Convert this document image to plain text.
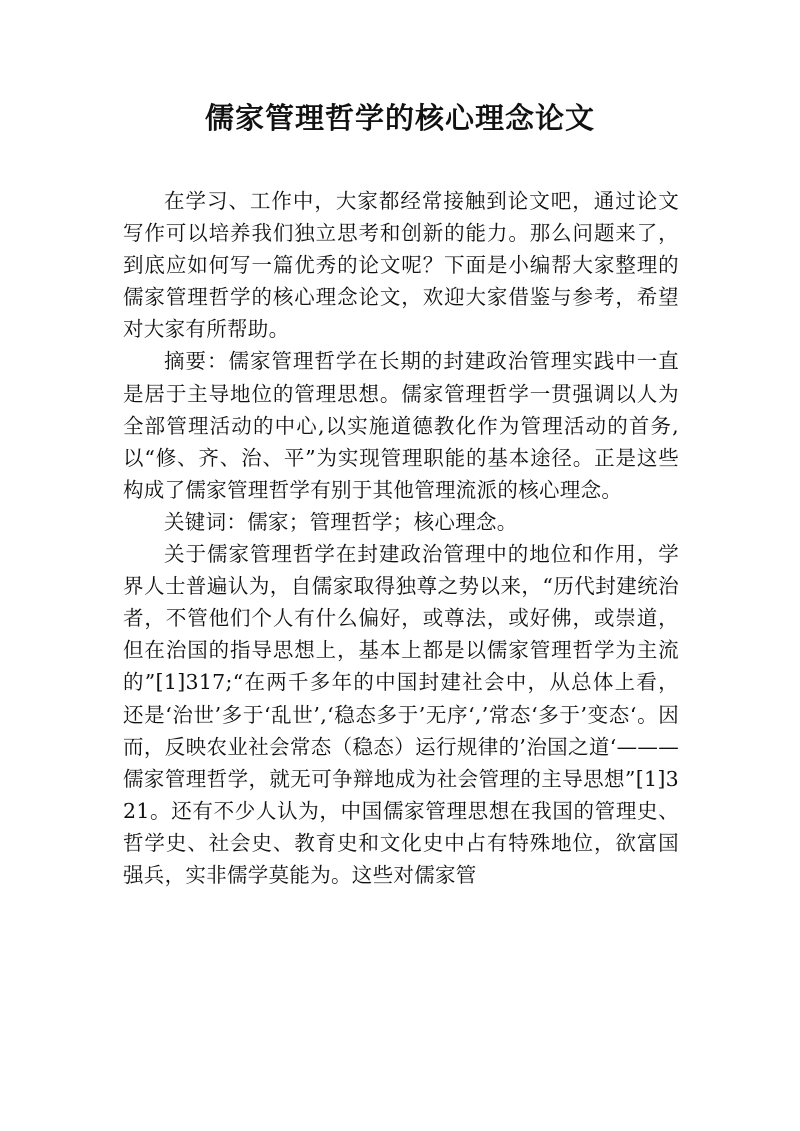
儒家管理哲学的核心理念论文

在学习、工作中，大家都经常接触到论文吧，通过论文写作可以培养我们独立思考和创新的能力。那么问题来了，到底应如何写一篇优秀的论文呢？下面是小编帮大家整理的儒家管理哲学的核心理念论文，欢迎大家借鉴与参考，希望对大家有所帮助。

摘要：儒家管理哲学在长期的封建政治管理实践中一直是居于主导地位的管理思想。儒家管理哲学一贯强调以人为全部管理活动的中心,以实施道德教化作为管理活动的首务,以“修、齐、治、平”为实现管理职能的基本途径。正是这些构成了儒家管理哲学有别于其他管理流派的核心理念。

关键词：儒家；管理哲学；核心理念。

关于儒家管理哲学在封建政治管理中的地位和作用，学界人士普遍认为，自儒家取得独尊之势以来，“历代封建统治者，不管他们个人有什么偏好，或尊法，或好佛，或崇道，但在治国的指导思想上，基本上都是以儒家管理哲学为主流的”[1]317;“在两千多年的中国封建社会中，从总体上看，还是‘治世’多于‘乱世’,‘稳态多于’无序‘,’常态‘多于’变态‘。因而，反映农业社会常态（稳态）运行规律的’治国之道‘———儒家管理哲学，就无可争辩地成为社会管理的主导思想”[1]321。还有不少人认为，中国儒家管理思想在我国的管理史、哲学史、社会史、教育史和文化史中占有特殊地位，欲富国强兵，实非儒学莫能为。这些对儒家管
